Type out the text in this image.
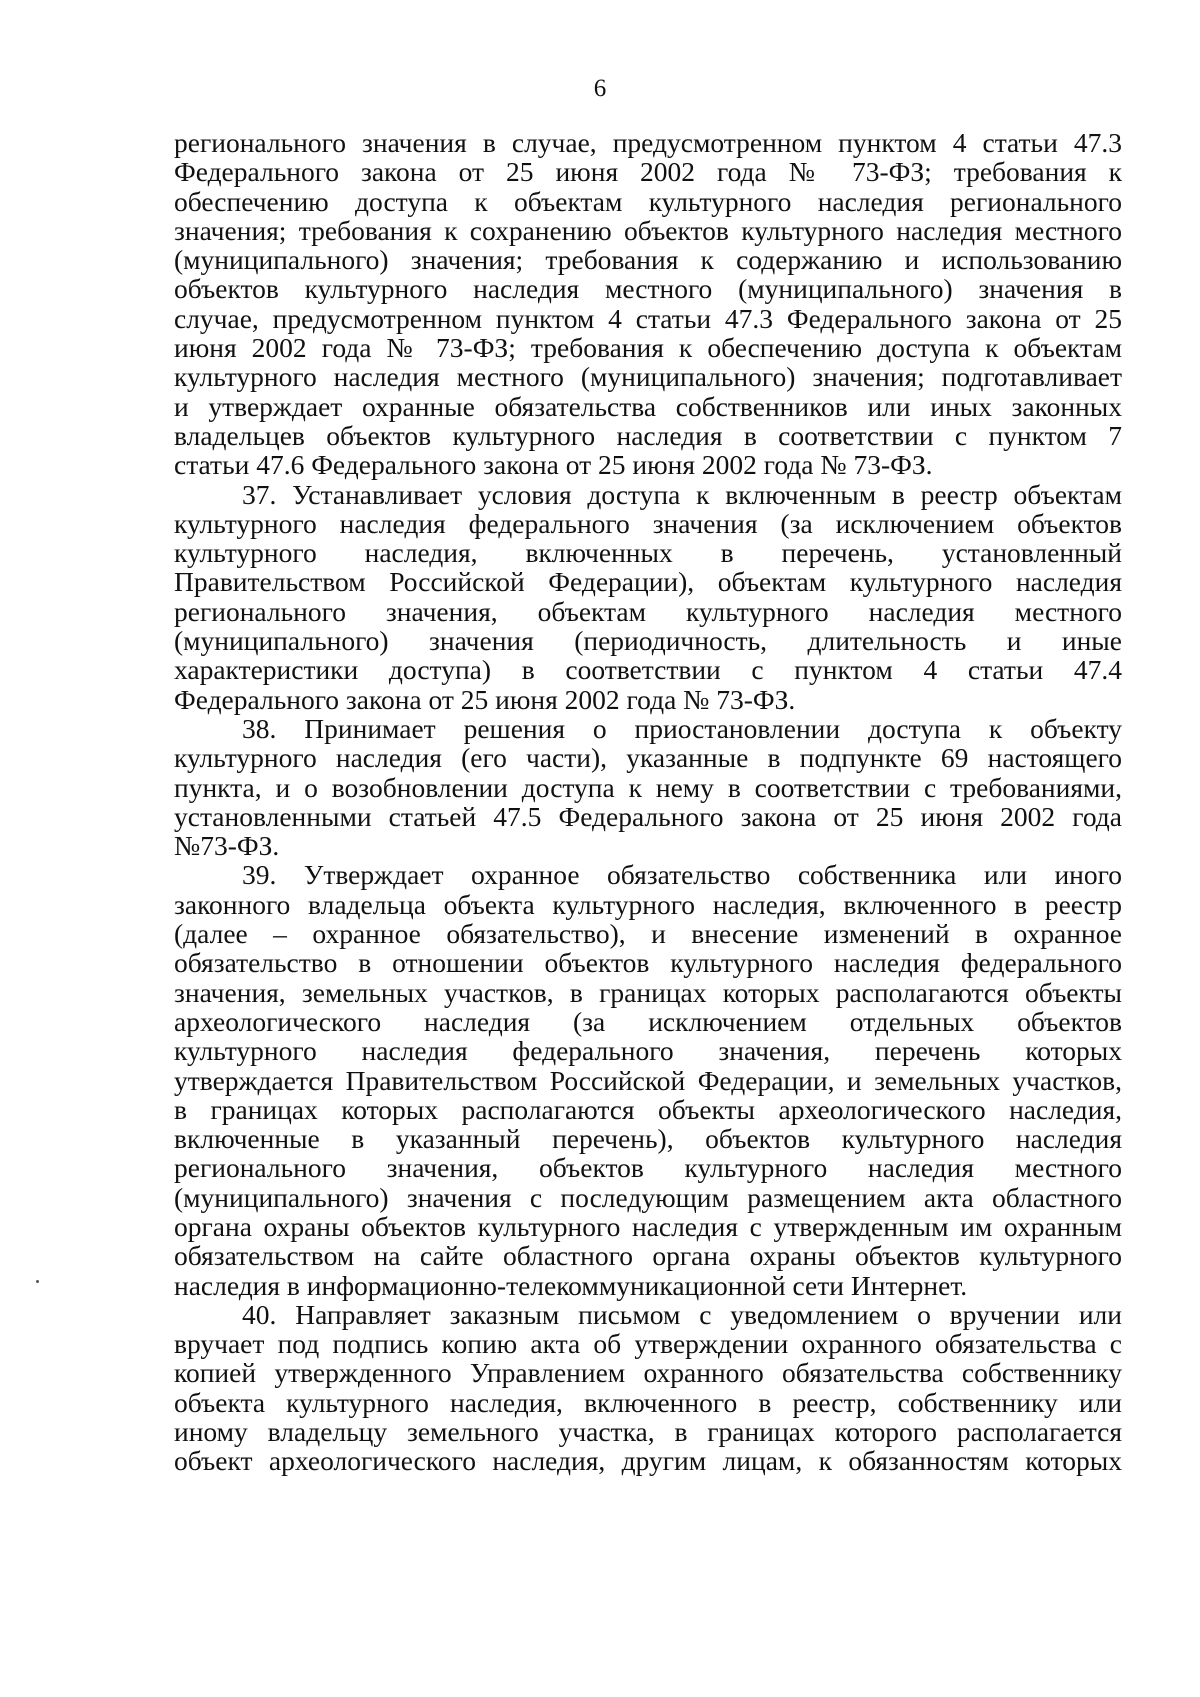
6
регионального значения в случае, предусмотренном пунктом 4 статьи 47.3
Федерального закона от 25 июня 2002 года № 73-ФЗ; требования к
обеспечению доступа к объектам культурного наследия регионального
значения; требования к сохранению объектов культурного наследия местного
(муниципального) значения; требования к содержанию и использованию
объектов культурного наследия местного (муниципального) значения в
случае, предусмотренном пунктом 4 статьи 47.3 Федерального закона от 25
июня 2002 года № 73-ФЗ; требования к обеспечению доступа к объектам
культурного наследия местного (муниципального) значения; подготавливает
и утверждает охранные обязательства собственников или иных законных
владельцев объектов культурного наследия в соответствии с пунктом 7
статьи 47.6 Федерального закона от 25 июня 2002 года № 73-ФЗ.
37. Устанавливает условия доступа к включенным в реестр объектам
культурного наследия федерального значения (за исключением объектов
культурного наследия, включенных в перечень, установленный
Правительством Российской Федерации), объектам культурного наследия
регионального значения, объектам культурного наследия местного
(муниципального) значения (периодичность, длительность и иные
характеристики доступа) в соответствии с пунктом 4 статьи 47.4
Федерального закона от 25 июня 2002 года № 73-ФЗ.
38. Принимает решения о приостановлении доступа к объекту
культурного наследия (его части), указанные в подпункте 69 настоящего
пункта, и о возобновлении доступа к нему в соответствии с требованиями,
установленными статьей 47.5 Федерального закона от 25 июня 2002 года
№73-ФЗ.
39. Утверждает охранное обязательство собственника или иного
законного владельца объекта культурного наследия, включенного в реестр
(далее – охранное обязательство), и внесение изменений в охранное
обязательство в отношении объектов культурного наследия федерального
значения, земельных участков, в границах которых располагаются объекты
археологического наследия (за исключением отдельных объектов
культурного наследия федерального значения, перечень которых
утверждается Правительством Российской Федерации, и земельных участков,
в границах которых располагаются объекты археологического наследия,
включенные в указанный перечень), объектов культурного наследия
регионального значения, объектов культурного наследия местного
(муниципального) значения с последующим размещением акта областного
органа охраны объектов культурного наследия с утвержденным им охранным
обязательством на сайте областного органа охраны объектов культурного
наследия в информационно-телекоммуникационной сети Интернет.
40. Направляет заказным письмом с уведомлением о вручении или
вручает под подпись копию акта об утверждении охранного обязательства с
копией утвержденного Управлением охранного обязательства собственнику
объекта культурного наследия, включенного в реестр, собственнику или
иному владельцу земельного участка, в границах которого располагается
объект археологического наследия, другим лицам, к обязанностям которых
